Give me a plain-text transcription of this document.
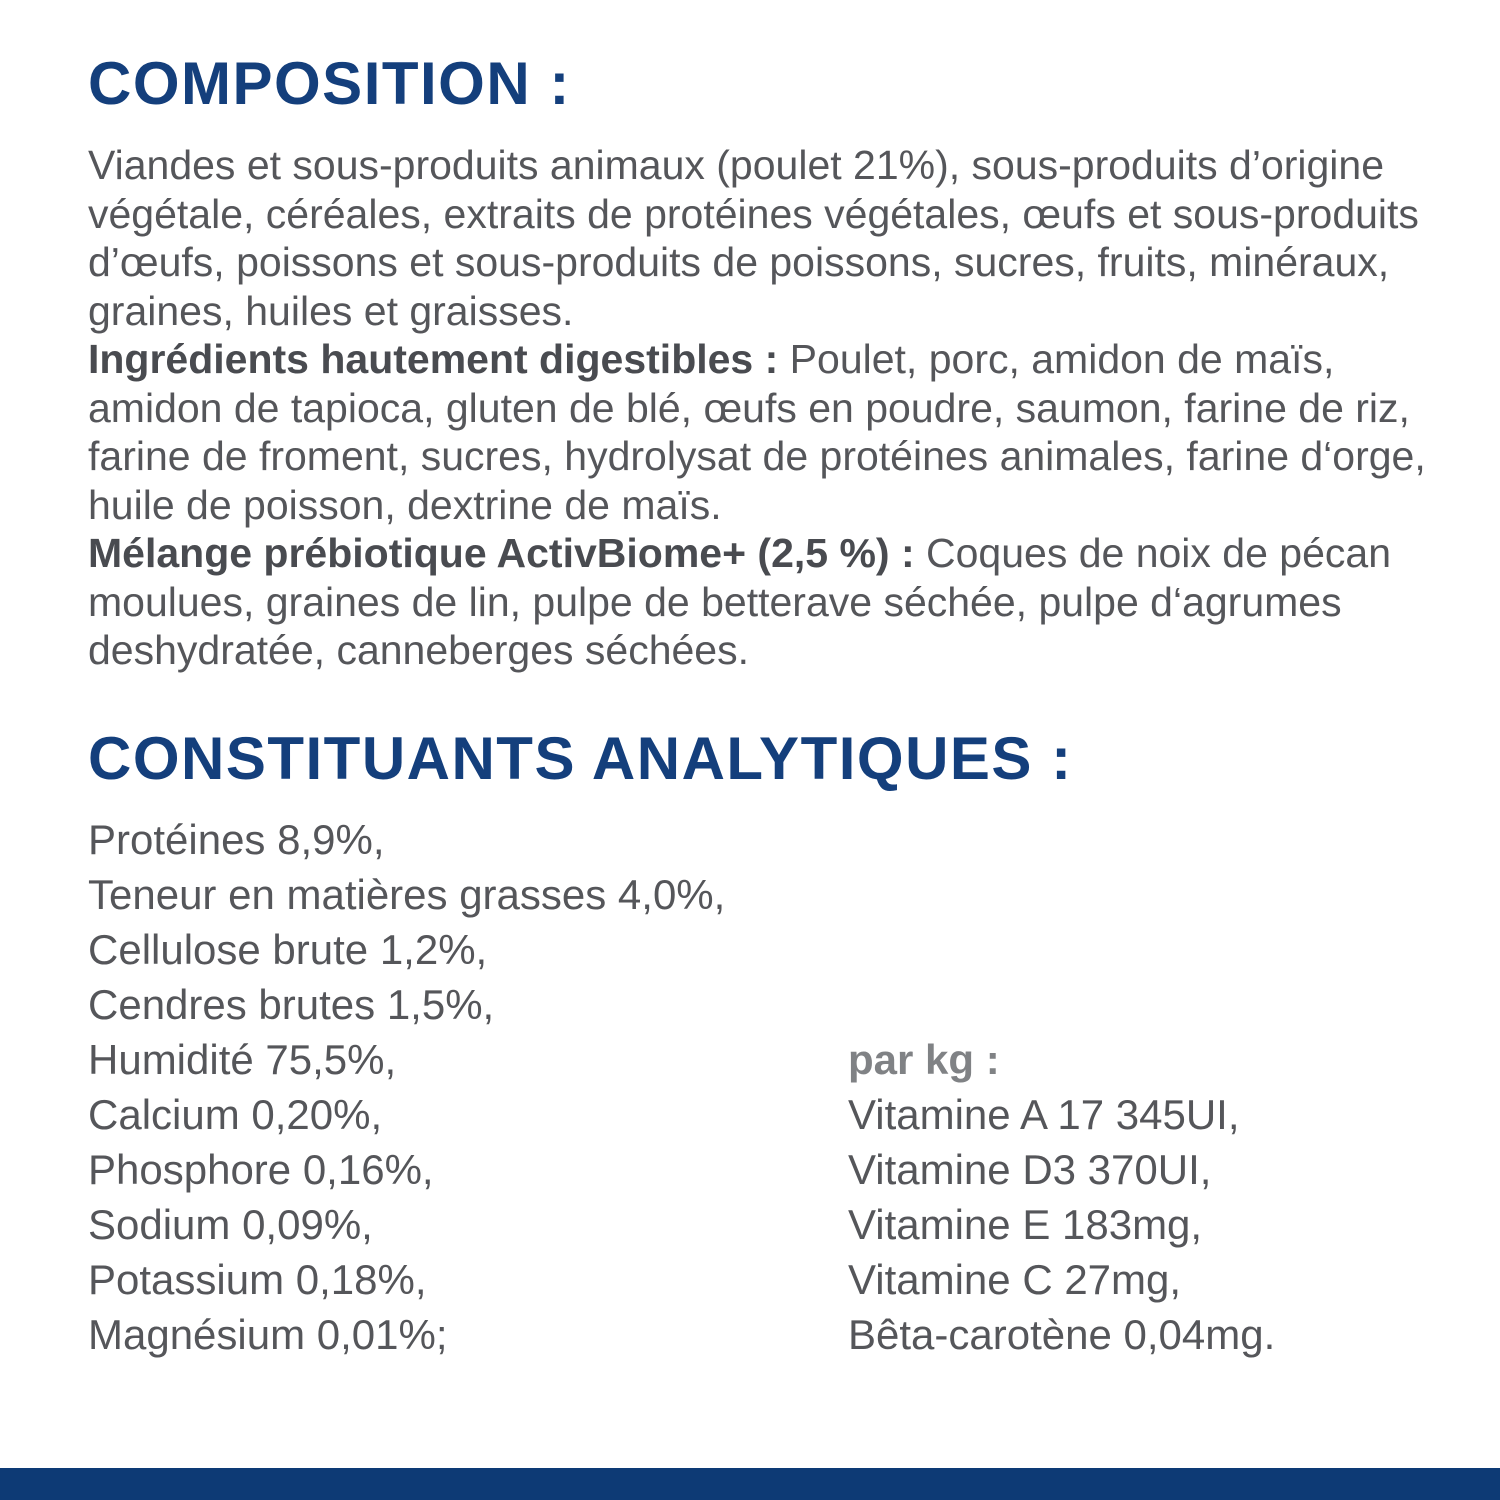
COMPOSITION :

Viandes et sous-produits animaux (poulet 21%), sous-produits d’origine végétale, céréales, extraits de protéines végétales, œufs et sous-produits d’œufs, poissons et sous-produits de poissons, sucres, fruits, minéraux, graines, huiles et graisses.

Ingrédients hautement digestibles : Poulet, porc, amidon de maïs, amidon de tapioca, gluten de blé, œufs en poudre, saumon, farine de riz, farine de froment, sucres, hydrolysat de protéines animales, farine d‘orge, huile de poisson, dextrine de maïs.

Mélange prébiotique ActivBiome+ (2,5 %) : Coques de noix de pécan moulues, graines de lin, pulpe de betterave séchée, pulpe d‘agrumes deshydratée, canneberges séchées.

CONSTITUANTS ANALYTIQUES :
Protéines 8,9%,
Teneur en matières grasses 4,0%,
Cellulose brute 1,2%,
Cendres brutes 1,5%,
Humidité 75,5%,
Calcium 0,20%,
Phosphore 0,16%,
Sodium 0,09%,
Potassium 0,18%,
Magnésium 0,01%;
par kg :
Vitamine A 17 345UI,
Vitamine D3 370UI,
Vitamine E 183mg,
Vitamine C 27mg,
Bêta-carotène 0,04mg.
